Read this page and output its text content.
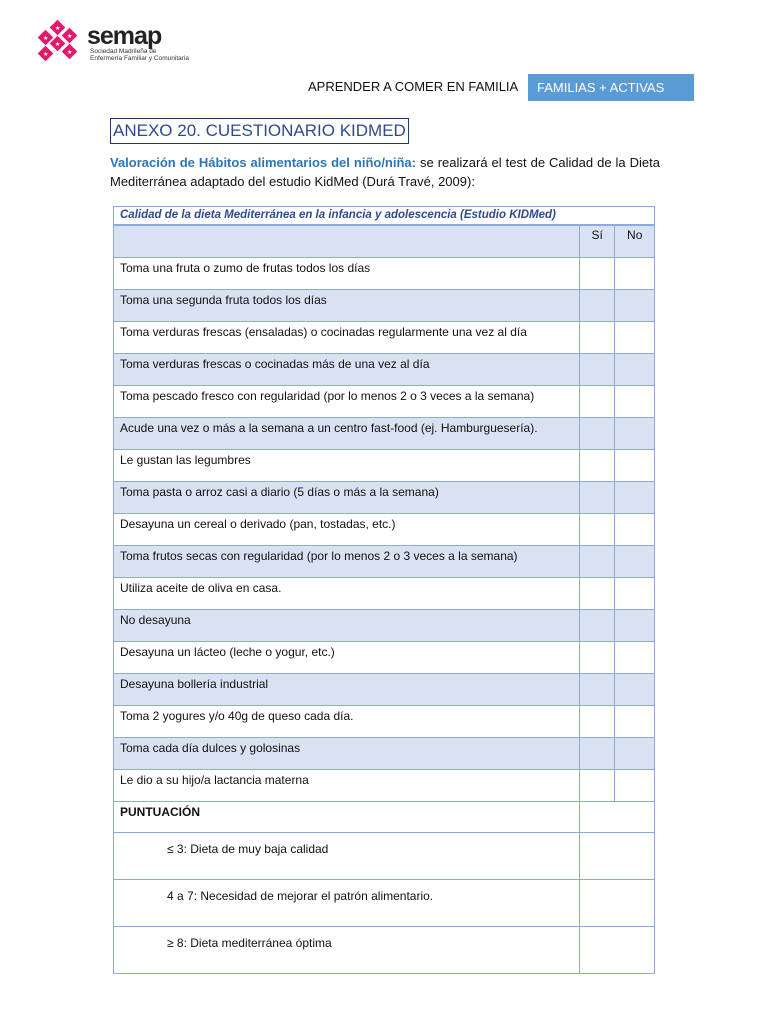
★
★
★
★
★	★
semap
Sociedad Madrileña de
Enfermería Familiar y Comunitaria
APRENDER A COMER EN FAMILIA	FAMILIAS + ACTIVAS
ANEXO 20. CUESTIONARIO KIDMED
Valoración de Hábitos alimentarios del niño/niña: se realizará el test de Calidad de la Dieta Mediterránea adaptado del estudio KidMed (Durá Travé, 2009):
Calidad de la dieta Mediterránea en la infancia y adolescencia (Estudio KIDMed)		
	Sí	No
Toma una fruta o zumo de frutas todos los días		
Toma una segunda fruta todos los días		
Toma verduras frescas (ensaladas) o cocinadas regularmente una vez al día		
Toma verduras frescas o cocinadas más de una vez al día		
Toma pescado fresco con regularidad (por lo menos 2 o 3 veces a la semana)		
Acude una vez o más a la semana a un centro fast-food (ej. Hamburguesería).		
Le gustan las legumbres		
Toma pasta o arroz casi a diario (5 días o más a la semana)		
Desayuna un cereal o derivado (pan, tostadas, etc.)		
Toma frutos secas con regularidad (por lo menos 2 o 3 veces a la semana)		
Utiliza aceite de oliva en casa.		
No desayuna		
Desayuna un lácteo (leche o yogur, etc.)		
Desayuna bollería industrial		
Toma 2 yogures y/o 40g de queso cada día.		
Toma cada día dulces y golosinas		
Le dio a su hijo/a lactancia materna		
PUNTUACIÓN		
≤ 3: Dieta de muy baja calidad		
4 a 7: Necesidad de mejorar el patrón alimentario.		
≥ 8: Dieta mediterránea óptima		
